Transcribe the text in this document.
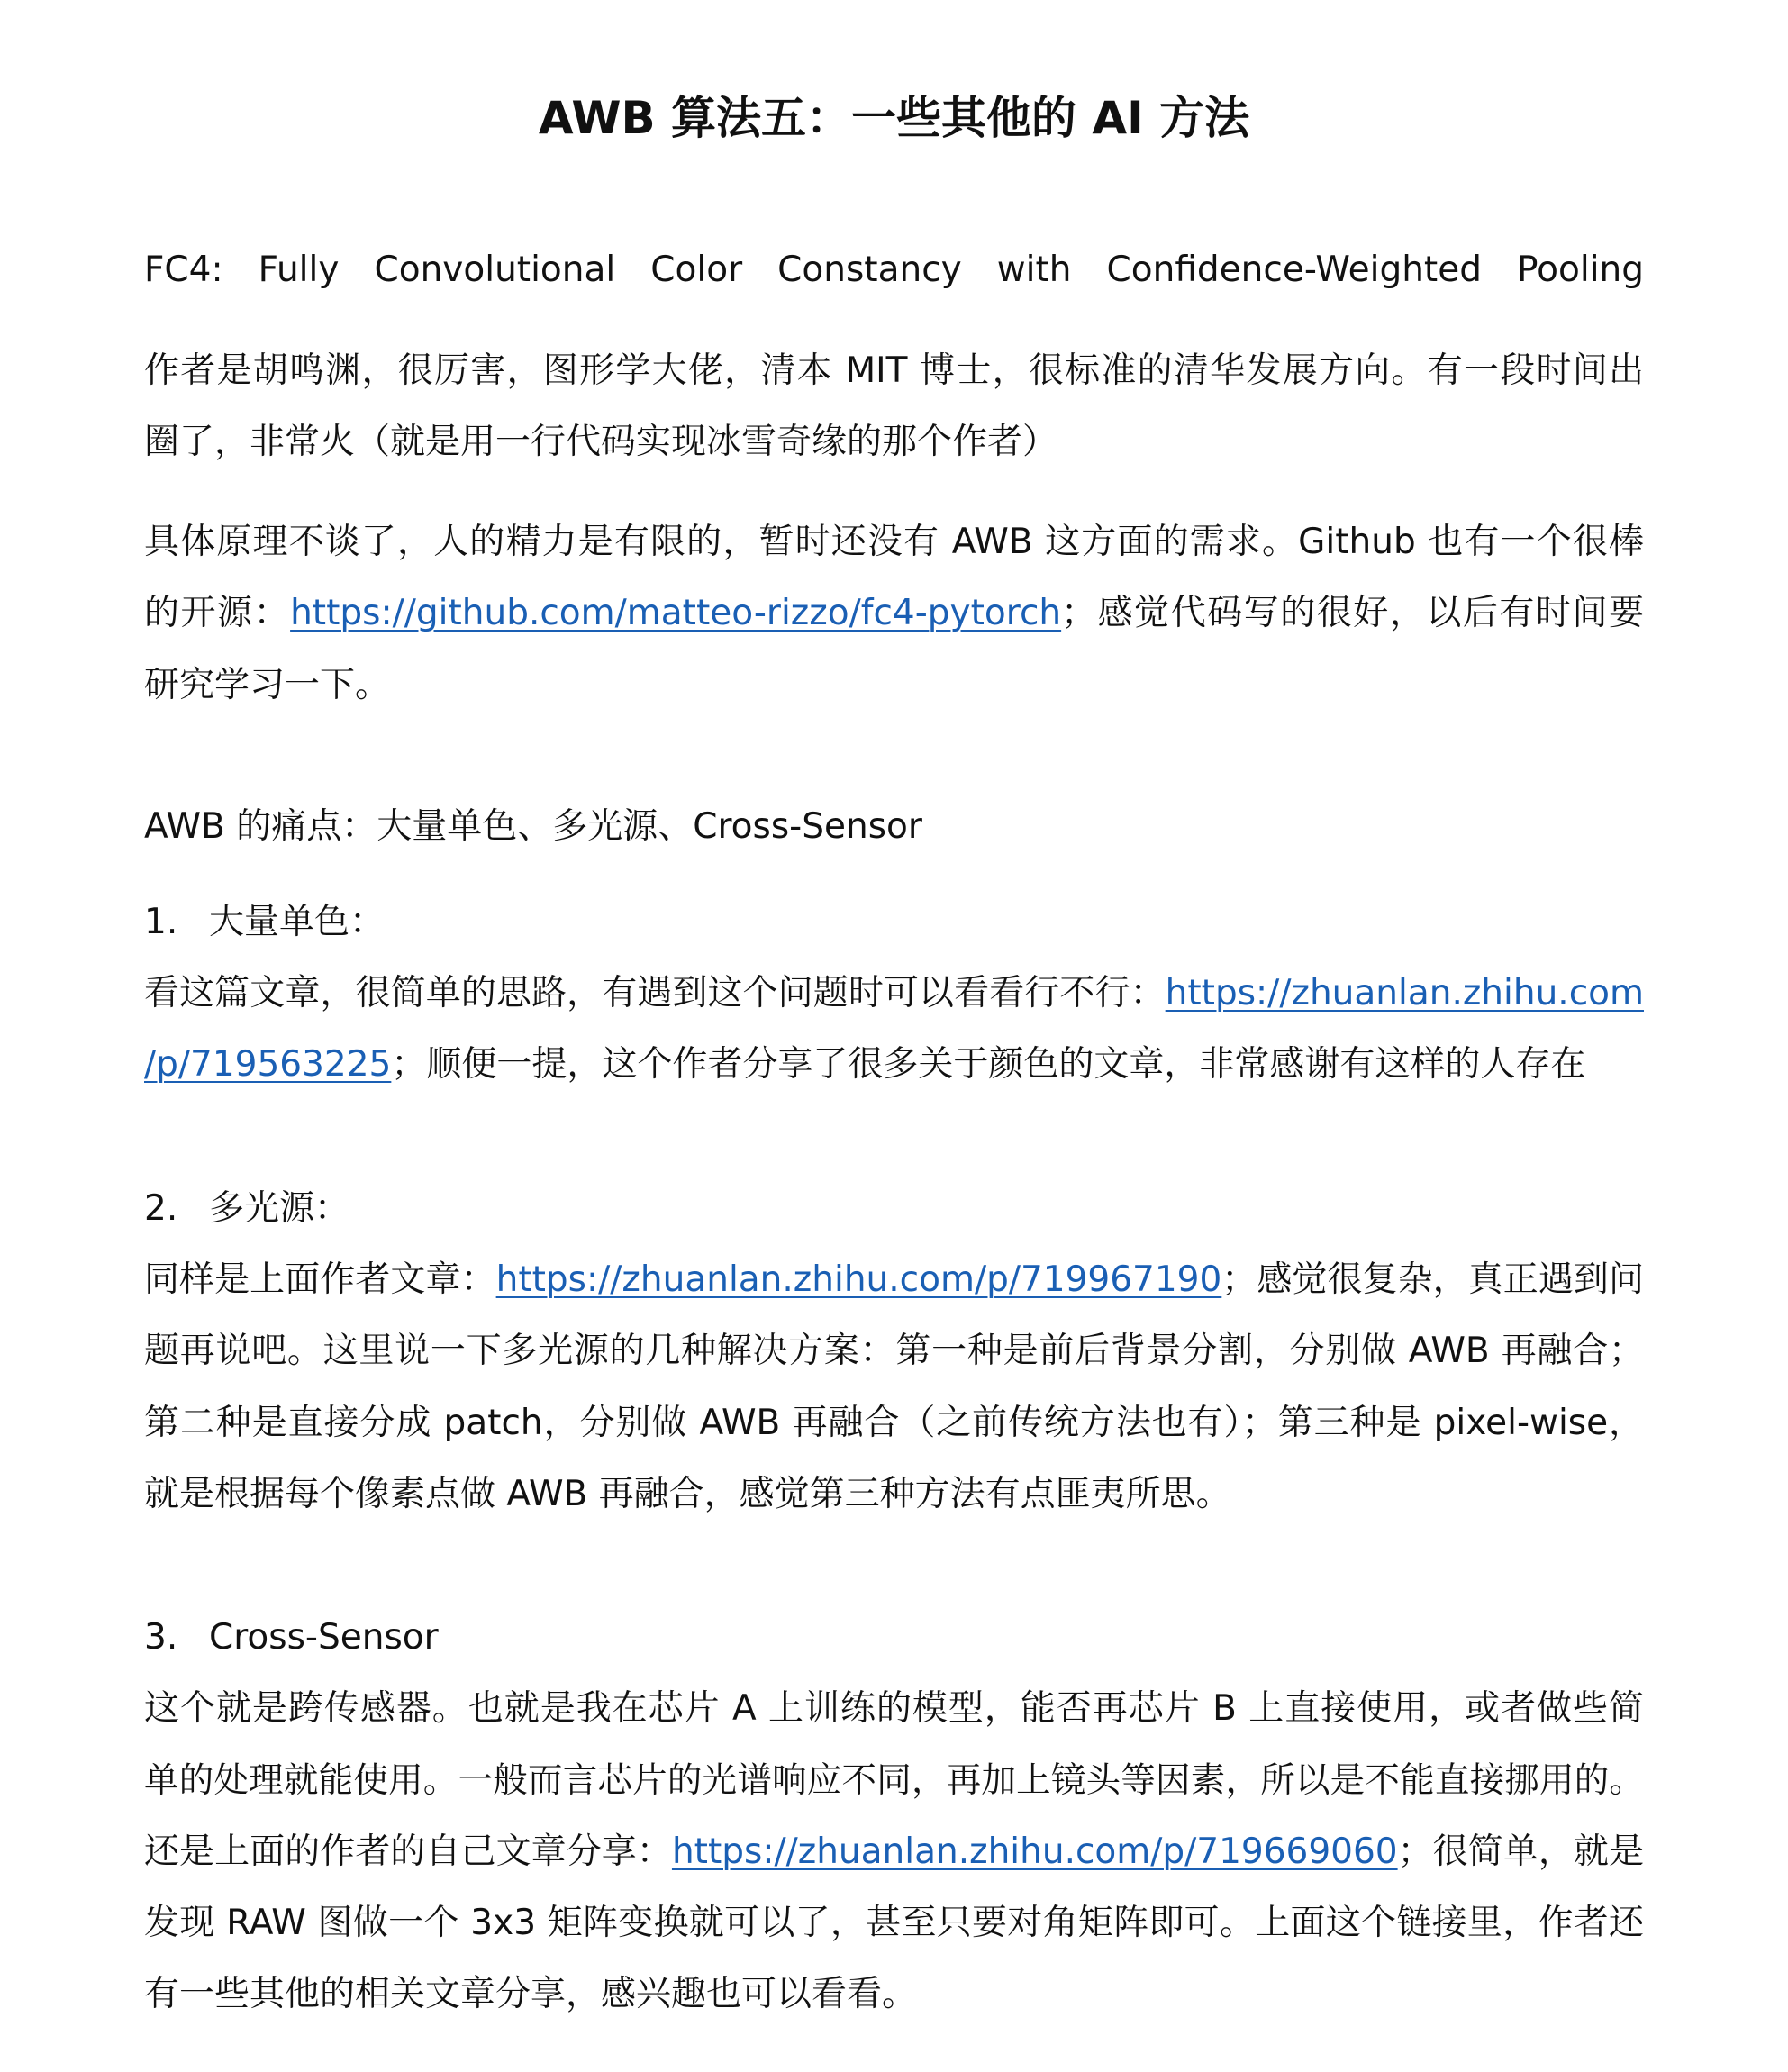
AWB 算法五：一些其他的 AI 方法

FC4: Fully Convolutional Color Constancy with Confidence-Weighted Pooling

作者是胡鸣渊，很厉害，图形学大佬，清本 MIT 博士，很标准的清华发展方向。有一段时间出

圈了，非常火（就是用一行代码实现冰雪奇缘的那个作者）

具体原理不谈了，人的精力是有限的，暂时还没有 AWB 这方面的需求。Github 也有一个很棒

的开源：https://github.com/matteo-rizzo/fc4-pytorch；感觉代码写的很好，以后有时间要

研究学习一下。

AWB 的痛点：大量单色、多光源、Cross-Sensor

1. 大量单色：

看这篇文章，很简单的思路，有遇到这个问题时可以看看行不行：https://zhuanlan.zhihu.com

/p/719563225；顺便一提，这个作者分享了很多关于颜色的文章，非常感谢有这样的人存在

2. 多光源：

同样是上面作者文章：https://zhuanlan.zhihu.com/p/719967190；感觉很复杂，真正遇到问

题再说吧。这里说一下多光源的几种解决方案：第一种是前后背景分割，分别做 AWB 再融合；

第二种是直接分成 patch，分别做 AWB 再融合（之前传统方法也有）；第三种是 pixel-wise，

就是根据每个像素点做 AWB 再融合，感觉第三种方法有点匪夷所思。

3. Cross-Sensor

这个就是跨传感器。也就是我在芯片 A 上训练的模型，能否再芯片 B 上直接使用，或者做些简

单的处理就能使用。一般而言芯片的光谱响应不同，再加上镜头等因素，所以是不能直接挪用的。

还是上面的作者的自己文章分享：https://zhuanlan.zhihu.com/p/719669060；很简单，就是

发现 RAW 图做一个 3x3 矩阵变换就可以了，甚至只要对角矩阵即可。上面这个链接里，作者还

有一些其他的相关文章分享，感兴趣也可以看看。
